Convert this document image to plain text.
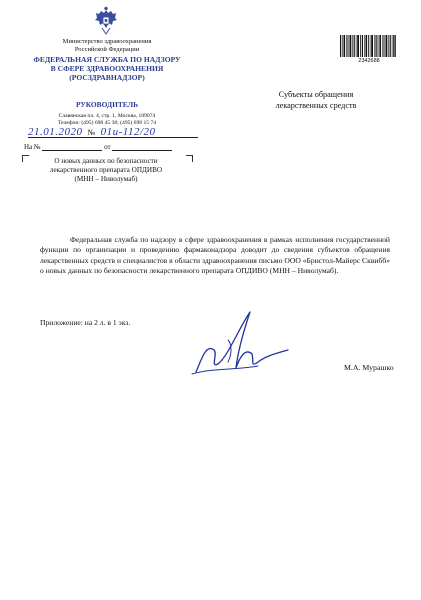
Министерство здравоохранения
Российской Федерации
ФЕДЕРАЛЬНАЯ СЛУЖБА ПО НАДЗОРУ
В СФЕРЕ ЗДРАВООХРАНЕНИЯ
(РОСЗДРАВНАДЗОР)
РУКОВОДИТЕЛЬ
Славянская пл. 4, стр. 1, Москва, 109074
Телефон: (495) 698 45 38; (495) 698 15 74
21.01.2020 № 01и-112/20
На №	от
О новых данных по безопасности
лекарственного препарата ОПДИВО
(МНН – Ниволумаб)
2342688
Субъекты обращения
лекарственных средств

Федеральная служба по надзору в сфере здравоохранения в рамках исполнения государственной функции по организации и проведению фармаконадзора доводит до сведения субъектов обращения лекарственных средств и специалистов в области здравоохранения письмо ООО «Бристол-Майерс Сквибб» о новых данных по безопасности лекарственного препарата ОПДИВО (МНН – Ниволумаб).

Приложение: на 2 л. в 1 экз.
М.А. Мурашко
